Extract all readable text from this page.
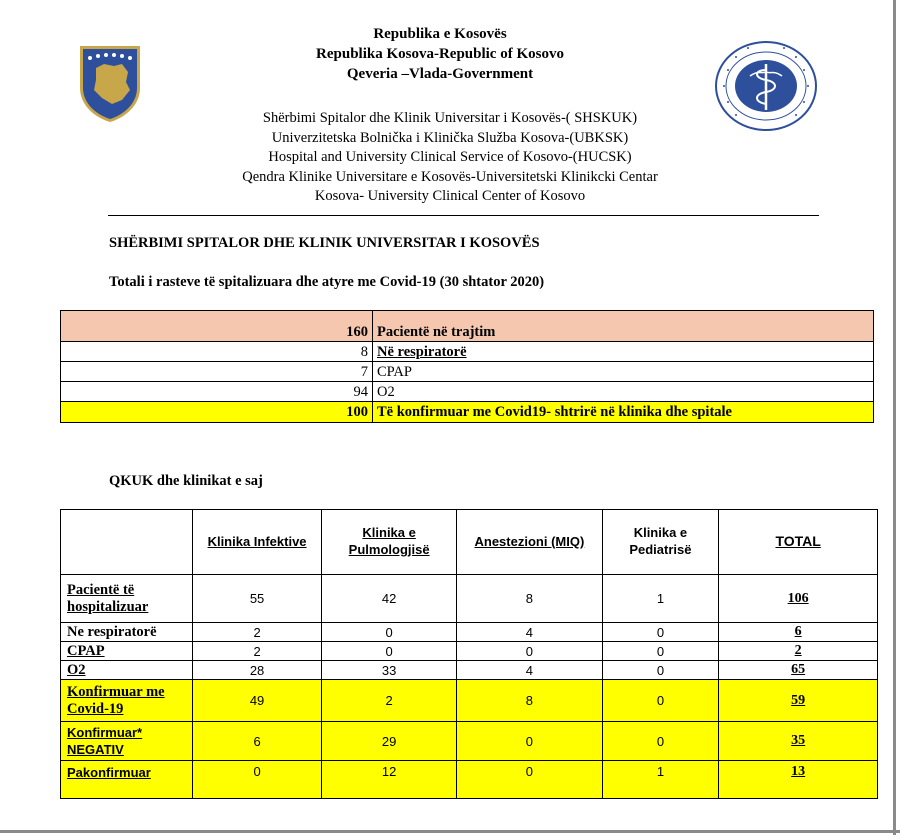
Republika e Kosovës
Republika Kosova-Republic of Kosovo
Qeveria –Vlada-Government
Shërbimi Spitalor dhe Klinik Universitar i Kosovës-( SHSKUK)
Univerzitetska Bolnička i Klinička Služba Kosova-(UBKSK)
Hospital and University Clinical Service of Kosovo-(HUCSK)
Qendra Klinike Universitare e Kosovës-Universitetski Klinikcki Centar
Kosova- University Clinical Center of Kosovo
SHËRBIMI SPITALOR DHE KLINIK UNIVERSITAR I KOSOVËS
Totali i rasteve të spitalizuara dhe atyre me Covid-19 (30 shtator 2020)
160	Pacientë në trajtim
8	Në respiratorë
7	CPAP
94	O2
100	Të konfirmuar me Covid19- shtrirë në klinika dhe spitale
QKUK dhe klinikat e saj
	Klinika Infektive	Klinika e Pulmologjisë	Anestezioni (MIQ)	Klinika e Pediatrisë	TOTAL
Pacientë të hospitalizuar	55	42	8	1	106
Ne respiratorë	2	0	4	0	6
CPAP	2	0	0	0	2
O2	28	33	4	0	65
Konfirmuar me Covid-19	49	2	8	0	59
Konfirmuar* NEGATIV	6	29	0	0	35
Pakonfirmuar	0	12	0	1	13
